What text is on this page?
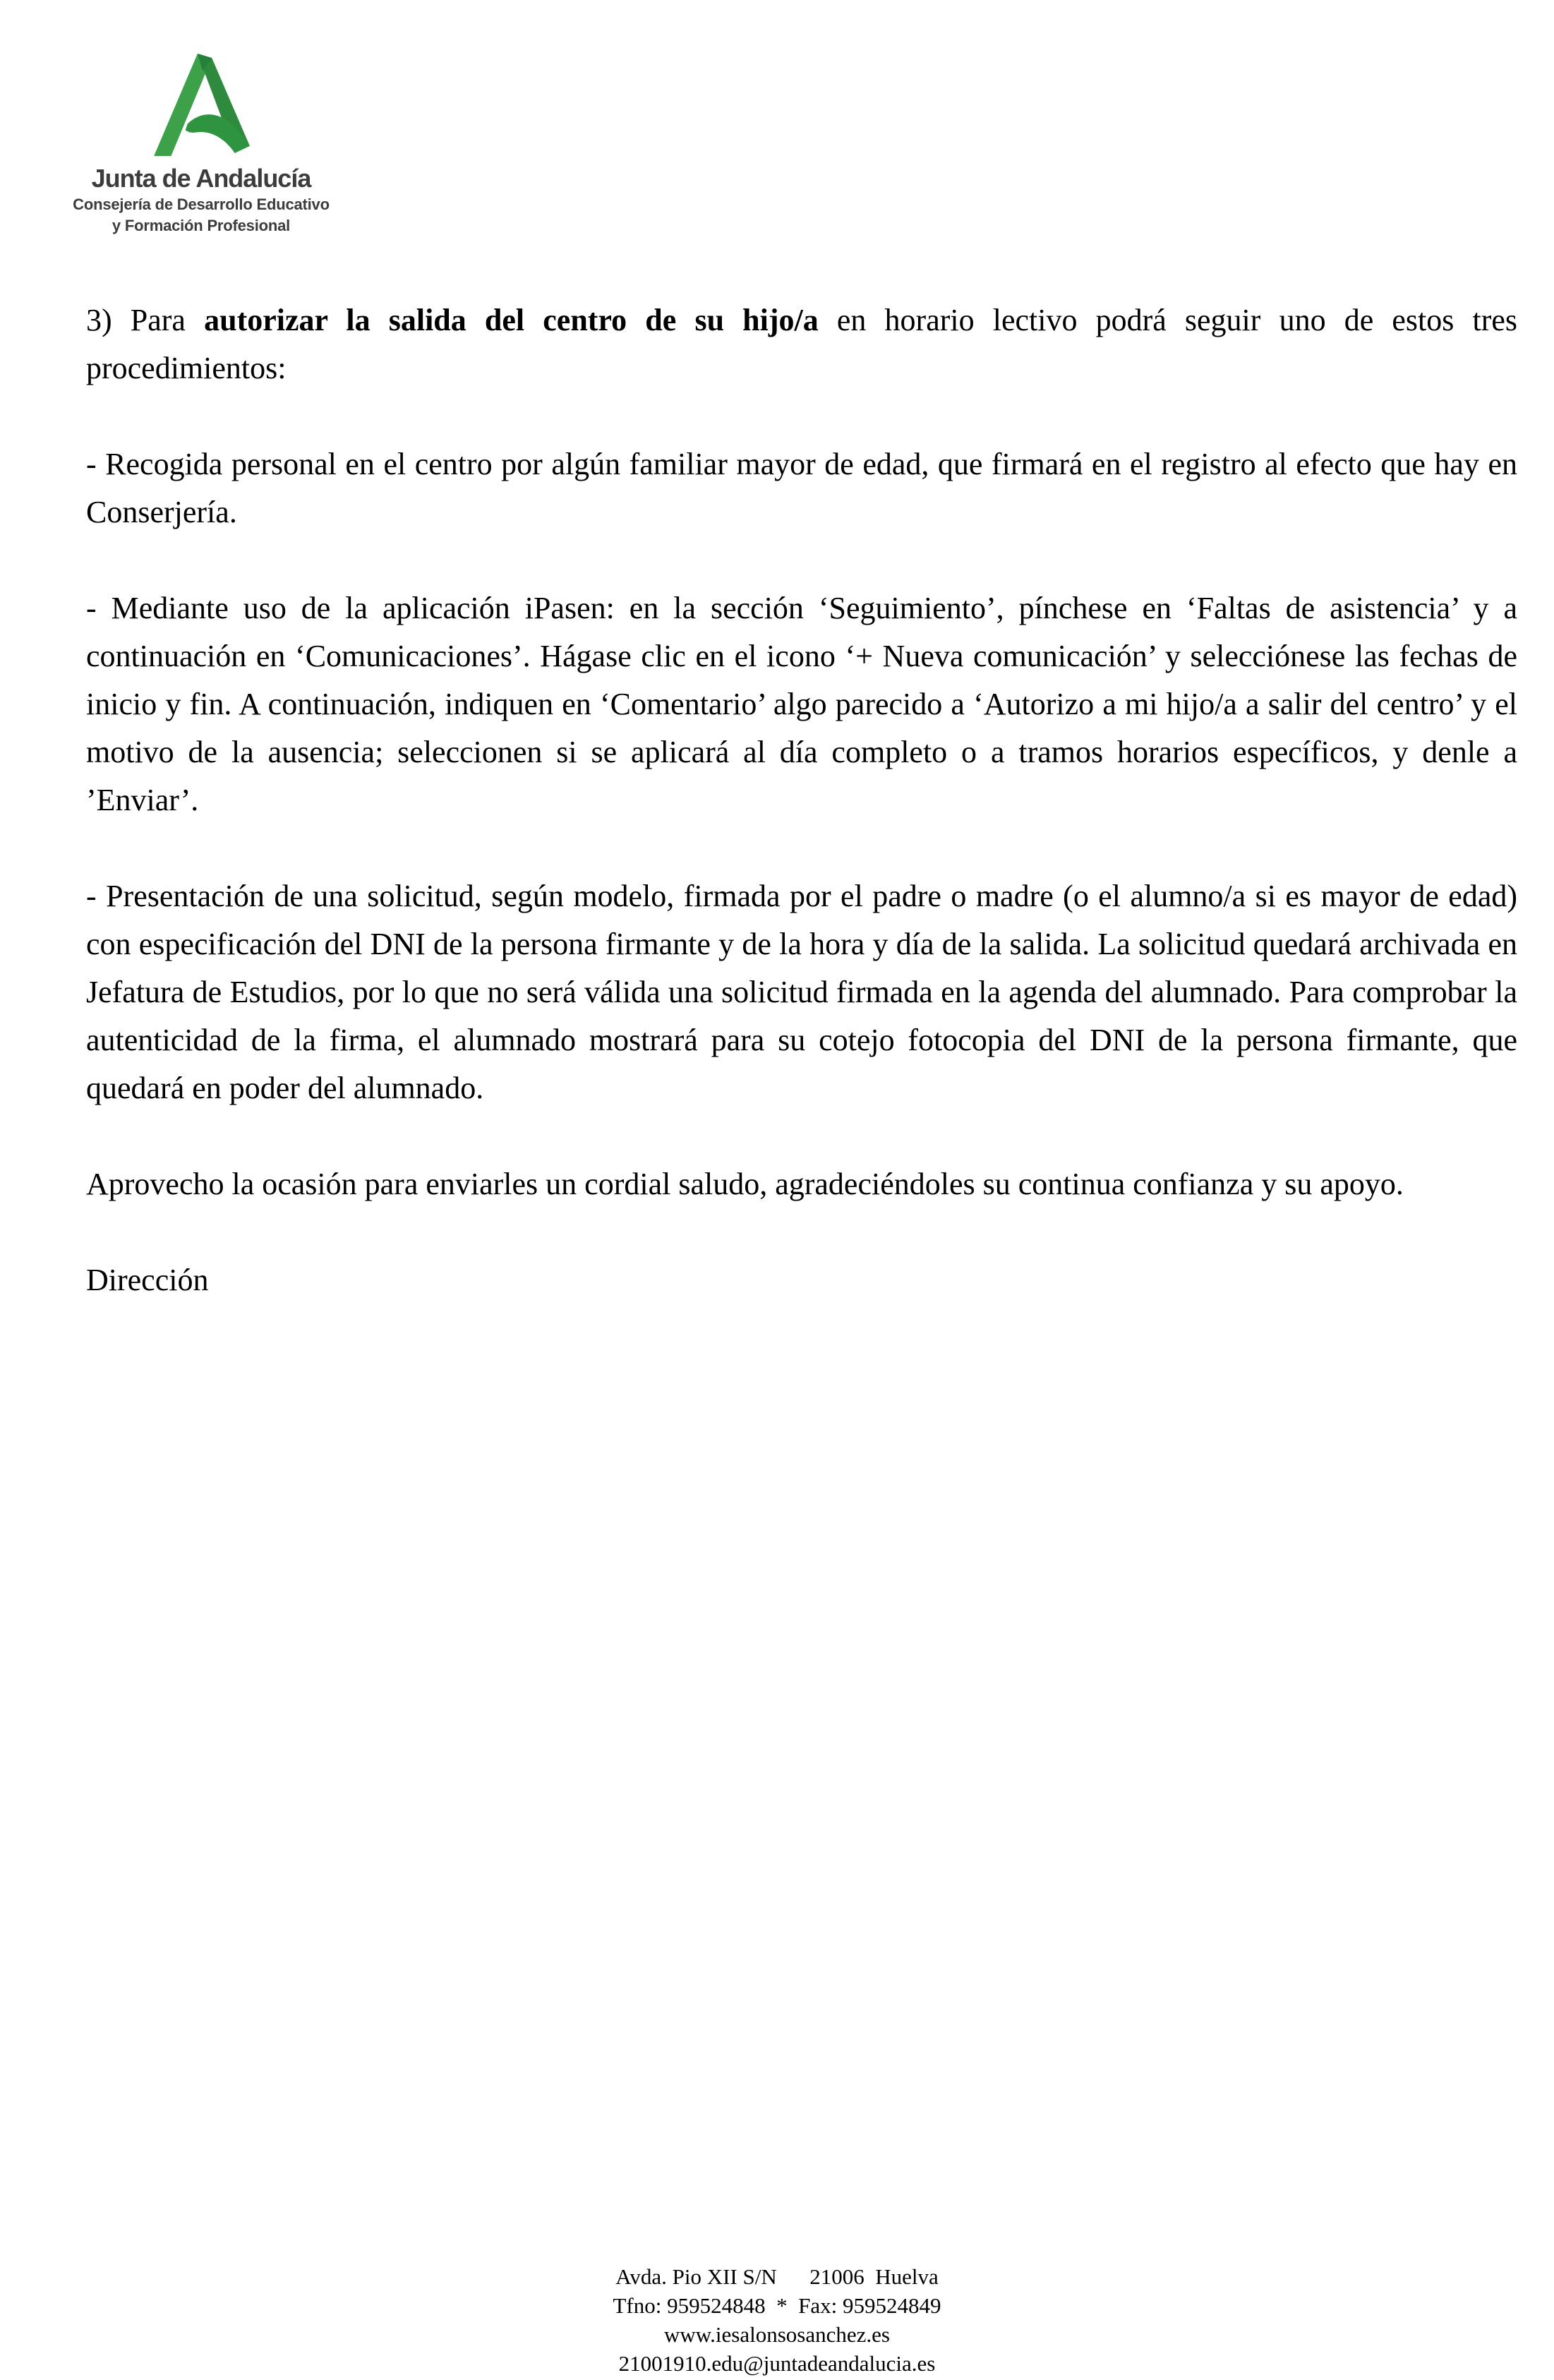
Junta de Andalucía
Consejería de Desarrollo Educativo
y Formación Profesional

3) Para autorizar la salida del centro de su hijo/a en horario lectivo podrá seguir uno de estos tres procedimientos:

- Recogida personal en el centro por algún familiar mayor de edad, que firmará en el registro al efecto que hay en Conserjería.

- Mediante uso de la aplicación iPasen: en la sección ‘Seguimiento’, pínchese en ‘Faltas de asistencia’ y a continuación en ‘Comunicaciones’. Hágase clic en el icono ‘+ Nueva comunicación’ y selecciónese las fechas de inicio y fin. A continuación, indiquen en ‘Comentario’ algo parecido a ‘Autorizo a mi hijo/a a salir del centro’ y el motivo de la ausencia; seleccionen si se aplicará al día completo o a tramos horarios específicos, y denle a ’Enviar’.

- Presentación de una solicitud, según modelo, firmada por el padre o madre (o el alumno/a si es mayor de edad) con especificación del DNI de la persona firmante y de la hora y día de la salida. La solicitud quedará archivada en Jefatura de Estudios, por lo que no será válida una solicitud firmada en la agenda del alumnado. Para comprobar la autenticidad de la firma, el alumnado mostrará para su cotejo fotocopia del DNI de la persona firmante, que quedará en poder del alumnado.

Aprovecho la ocasión para enviarles un cordial saludo, agradeciéndoles su continua confianza y su apoyo.

Dirección

Avda. Pio XII S/N      21006  Huelva
Tfno: 959524848  *  Fax: 959524849
www.iesalonsosanchez.es
21001910.edu@juntadeandalucia.es
